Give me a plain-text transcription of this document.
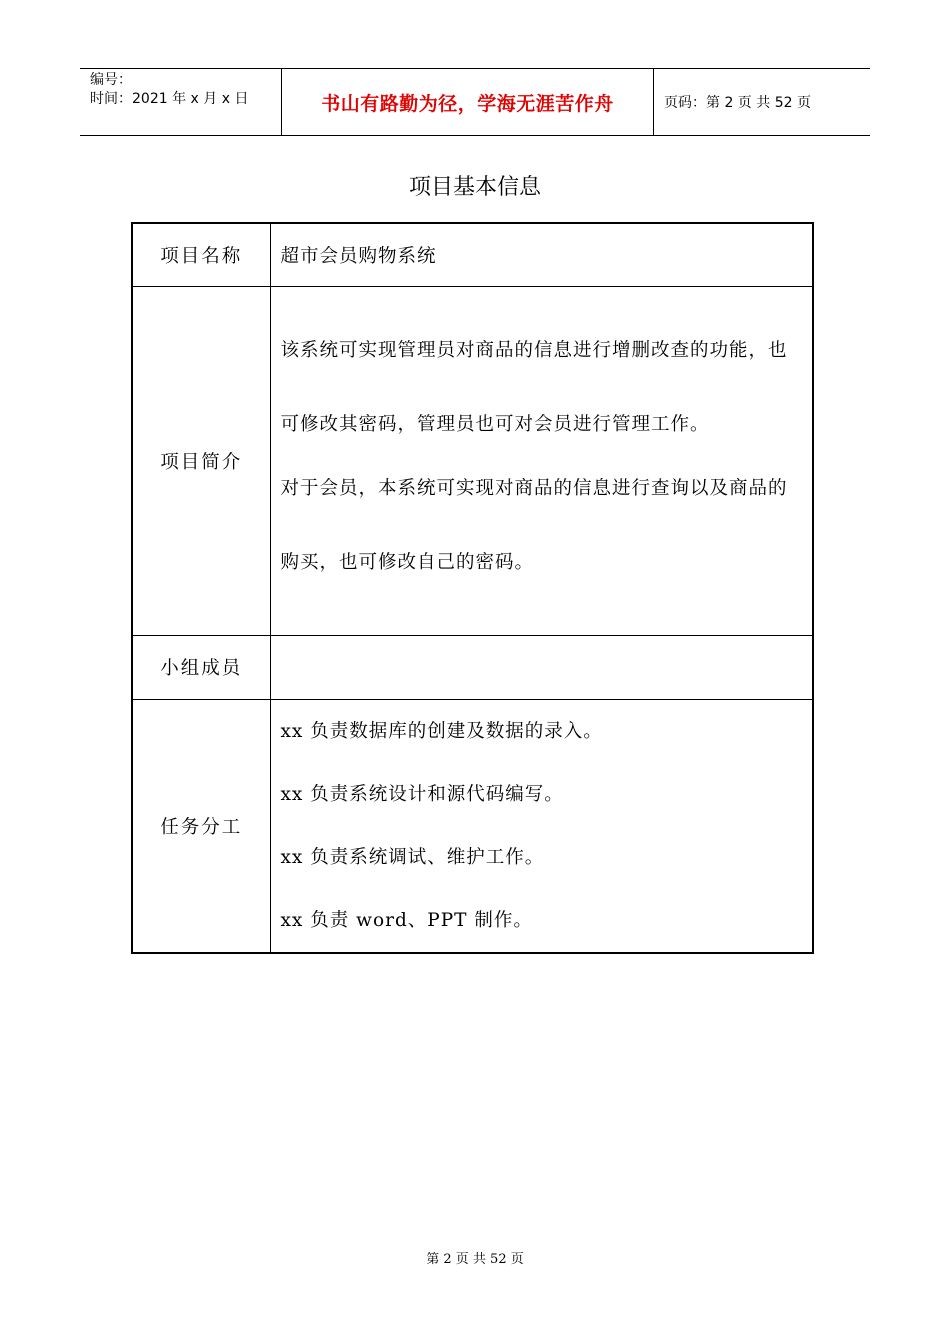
编号：
时间：2021 年 x 月 x 日	书山有路勤为径，学海无涯苦作舟	页码：第 2 页 共 52 页
项目基本信息
项目名称	超市会员购物系统
项目简介	该系统可实现管理员对商品的信息进行增删改查的功能，也可修改其密码，管理员也可对会员进行管理工作。

对于会员，本系统可实现对商品的信息进行查询以及商品的购买，也可修改自己的密码。

小组成员	
任务分工	xx 负责数据库的创建及数据的录入。

xx 负责系统设计和源代码编写。

xx 负责系统调试、维护工作。

xx 负责 word、PPT 制作。

第 2 页 共 52 页
